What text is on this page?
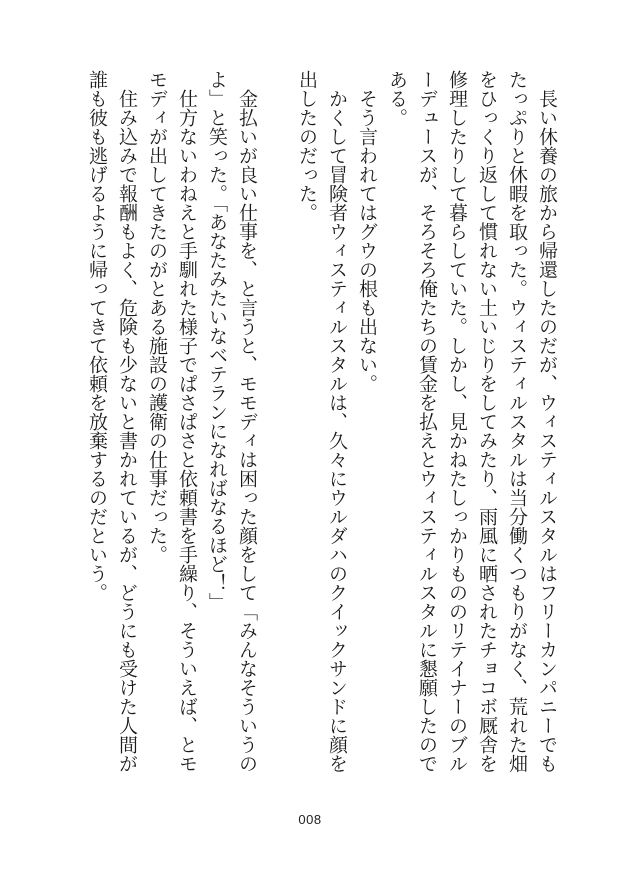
長い休養の旅から帰還したのだが、ウィスティルスタルはフリーカンパニーでもたっぷりと休暇を取った。ウィスティルスタルは当分働くつもりがなく、荒れた畑をひっくり返して慣れない土いじりをしてみたり、雨風に晒されたチョコボ厩舎を修理したりして暮らしていた。しかし、見かねたしっかりもののリテイナーのブルーデュースが、そろそろ俺たちの賃金を払えとウィスティルスタルに懇願したのである。

そう言われてはグウの根も出ない。

かくして冒険者ウィスティルスタルは、久々にウルダハのクイックサンドに顔を出したのだった。

金払いが良い仕事を、と言うと、モモディは困った顔をして「みんなそういうのよ」と笑った。「あなたみたいなベテランになればなるほど！」

仕方ないわねえと手馴れた様子でぱさぱさと依頼書を手繰り、そういえば、とモモディが出してきたのがとある施設の護衛の仕事だった。

住み込みで報酬もよく、危険も少ないと書かれているが、どうにも受けた人間が誰も彼も逃げるように帰ってきて依頼を放棄するのだという。

008
